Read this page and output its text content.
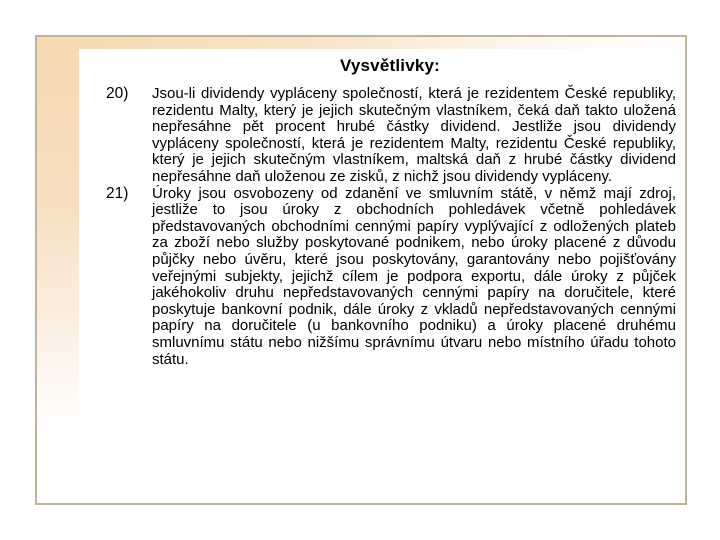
Vysvětlivky:
20)	Jsou-li dividendy vypláceny společností, která je rezidentem České republiky, rezidentu Malty, který je jejich skutečným vlastníkem, čeká daň takto uložená nepřesáhne pět procent hrubé částky dividend. Jestliže jsou dividendy vypláceny společností, která je rezidentem Malty, rezidentu České republiky, který je jejich skutečným vlastníkem, maltská daň z hrubé částky dividend nepřesáhne daň uloženou ze zisků, z nichž jsou dividendy vypláceny.

21)	Úroky jsou osvobozeny od zdanění ve smluvním státě, v němž mají zdroj, jestliže to jsou úroky z obchodních pohledávek včetně pohledávek představovaných obchodními cennými papíry vyplývající z odložených plateb za zboží nebo služby poskytované podnikem, nebo úroky placené z důvodu půjčky nebo úvěru, které jsou poskytovány, garantovány nebo pojišťovány veřejnými subjekty, jejichž cílem je podpora exportu, dále úroky z půjček jakéhokoliv druhu nepředstavovaných cennými papíry na doručitele, které poskytuje bankovní podnik, dále úroky z vkladů nepředstavovaných cennými papíry na doručitele (u bankovního podniku) a úroky placené druhému smluvnímu státu nebo nižšímu správnímu útvaru nebo místního úřadu tohoto státu.
